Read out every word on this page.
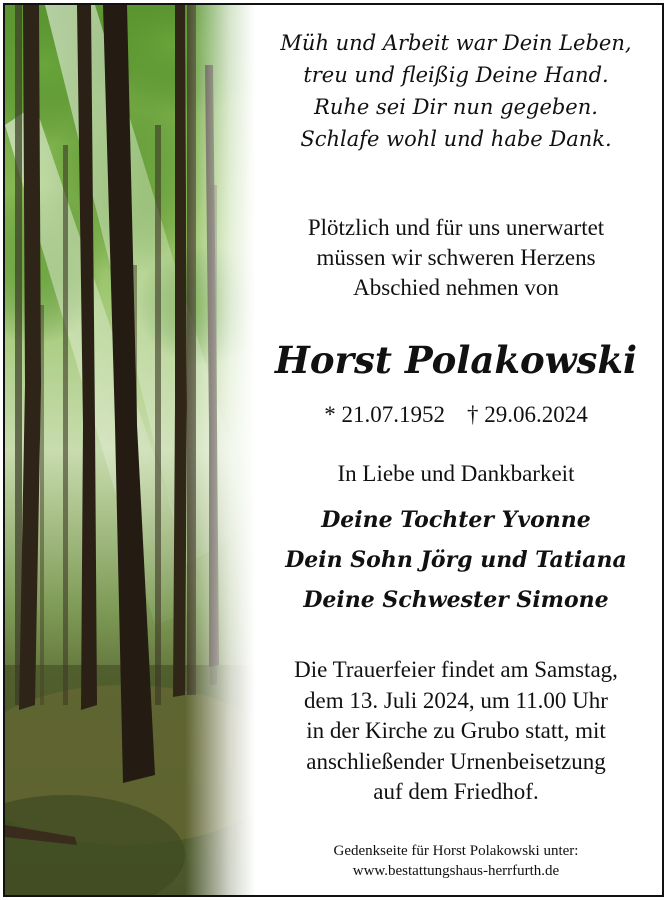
Müh und Arbeit war Dein Leben,
treu und fleißig Deine Hand.
Ruhe sei Dir nun gegeben.
Schlafe wohl und habe Dank.
Plötzlich und für uns unerwartet
müssen wir schweren Herzens
Abschied nehmen von
Horst Polakowski
* 21.07.1952 † 29.06.2024
In Liebe und Dankbarkeit
Deine Tochter Yvonne
Dein Sohn Jörg und Tatiana
Deine Schwester Simone
Die Trauerfeier findet am Samstag,
dem 13. Juli 2024, um 11.00 Uhr
in der Kirche zu Grubo statt, mit
anschließender Urnenbeisetzung
auf dem Friedhof.
Gedenkseite für Horst Polakowski unter:
www.bestattungshaus-herrfurth.de
